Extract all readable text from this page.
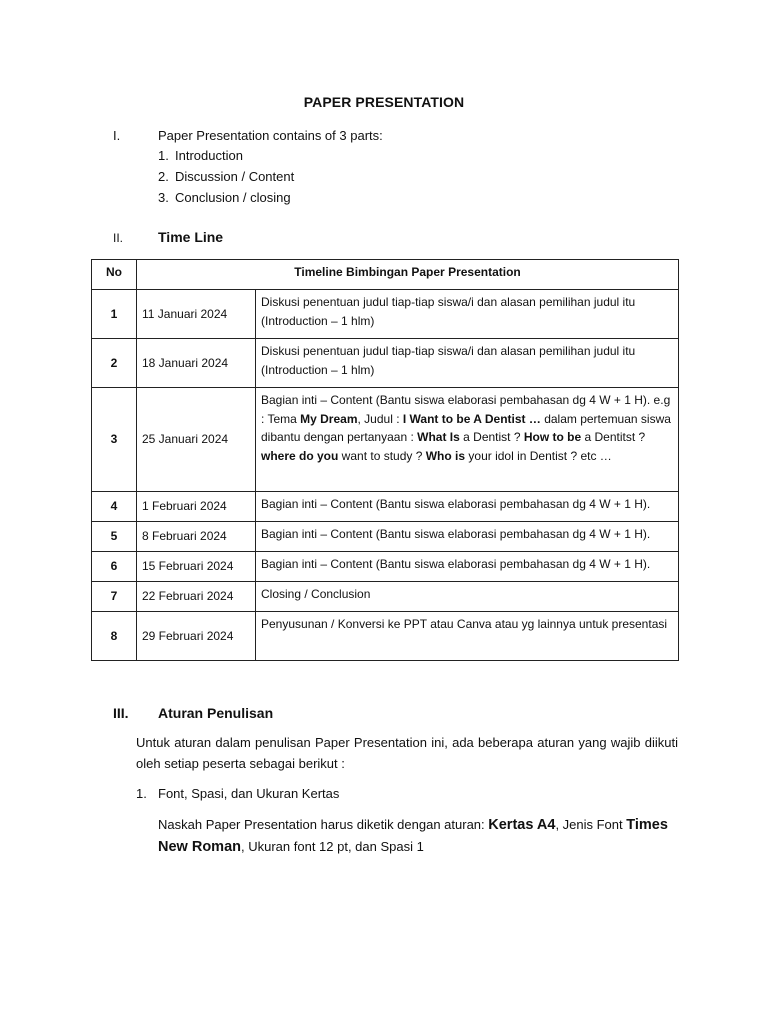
PAPER PRESENTATION
I.	Paper Presentation contains of 3 parts:
1. Introduction
2. Discussion / Content
3. Conclusion / closing
II. Time Line
No	Timeline Bimbingan Paper Presentation	
1	11 Januari 2024	Diskusi penentuan judul tiap-tiap siswa/i dan alasan pemilihan judul itu (Introduction – 1 hlm)
2	18 Januari 2024	Diskusi penentuan judul tiap-tiap siswa/i dan alasan pemilihan judul itu (Introduction – 1 hlm)
3	25 Januari 2024	Bagian inti – Content (Bantu siswa elaborasi pembahasan dg 4 W + 1 H). e.g : Tema My Dream, Judul : I Want to be A Dentist … dalam pertemuan siswa dibantu dengan pertanyaan : What Is a Dentist ? How to be a Dentitst ? where do you want to study ? Who is your idol in Dentist ? etc …
4	1 Februari 2024	Bagian inti – Content (Bantu siswa elaborasi pembahasan dg 4 W + 1 H).
5	8 Februari 2024	Bagian inti – Content (Bantu siswa elaborasi pembahasan dg 4 W + 1 H).
6	15 Februari 2024	Bagian inti – Content (Bantu siswa elaborasi pembahasan dg 4 W + 1 H).
7	22 Februari 2024	Closing / Conclusion
8	29 Februari 2024	Penyusunan / Konversi ke PPT atau Canva atau yg lainnya untuk presentasi
III. Aturan Penulisan
Untuk aturan dalam penulisan Paper Presentation ini, ada beberapa aturan yang wajib diikuti oleh setiap peserta sebagai berikut :
1. Font, Spasi, dan Ukuran Kertas
Naskah Paper Presentation harus diketik dengan aturan: Kertas A4, Jenis Font Times New Roman, Ukuran font 12 pt, dan Spasi 1
